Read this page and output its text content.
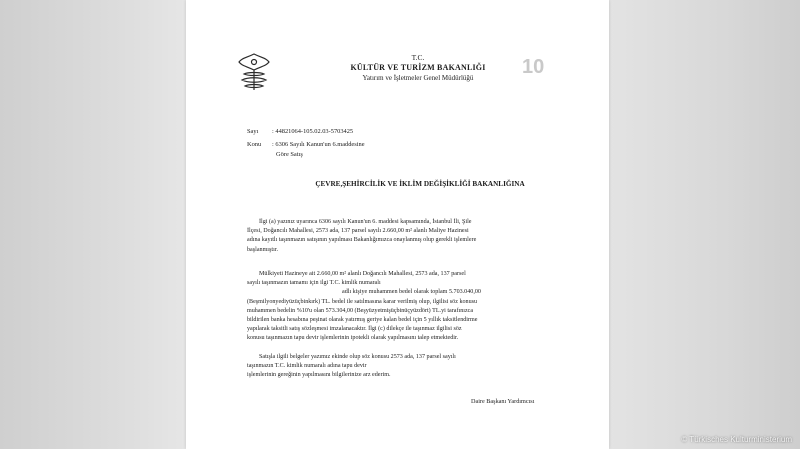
T.C.
KÜLTÜR VE TURİZM BAKANLIĞI
Yatırım ve İşletmeler Genel Müdürlüğü	10
Sayı : 44821064-105.02.03-5703425
Konu : 6306 Sayılı Kanun'un 6.maddesine
Göre Satış
ÇEVRE,ŞEHİRCİLİK VE İKLİM DEĞİŞİKLİĞİ BAKANLIĞINA
İlgi (a) yazınız uyarınca 6306 sayılı Kanun'un 6. maddesi kapsamında, İstanbul İli, Şile
İlçesi, Doğancılı Mahallesi, 2573 ada, 137 parsel sayılı 2.660,00 m² alanlı Maliye Hazinesi
adına kayıtlı taşınmazın satışının yapılması Bakanlığımızca onaylanmış olup gerekli işlemlere
başlanmıştır.
Mülkiyeti Hazineye ait 2.660,00 m² alanlı Doğancılı Mahallesi, 2573 ada, 137 parsel
sayılı taşınmazın tamamı için ilgi T.C. kimlik numaralı
adlı kişiye muhammen bedel olarak toplam 5.703.040,00
(Beşmilyonyediyüzüçbinkırk) TL. bedel ile satılmasına karar verilmiş olup, ilgilisi söz konusu
muhammen bedelin %10'u olan 573.304,00 (Beşyüzyetmişüçbinüçyüzdört) TL.yi tarafınızca
bildirilen banka hesabına peşinat olarak yatırmış geriye kalan bedel için 5 yıllık taksitlendirme
yapılarak taksitli satış sözleşmesi imzalanacaktır. İlgi (c) dilekçe ile taşınmaz ilgilisi söz
konusu taşınmazın tapu devir işlemlerinin ipotekli olarak yapılmasını talep etmektedir.
Satışla ilgili belgeler yazımız ekinde olup söz konusu 2573 ada, 137 parsel sayılı
taşınmazın T.C. kimlik numaralı adına tapu devir
işlemlerinin gereğinin yapılmasını bilgilerinize arz ederim.
Daire Başkanı Yardımcısı
© Türkisches Kulturministerium
